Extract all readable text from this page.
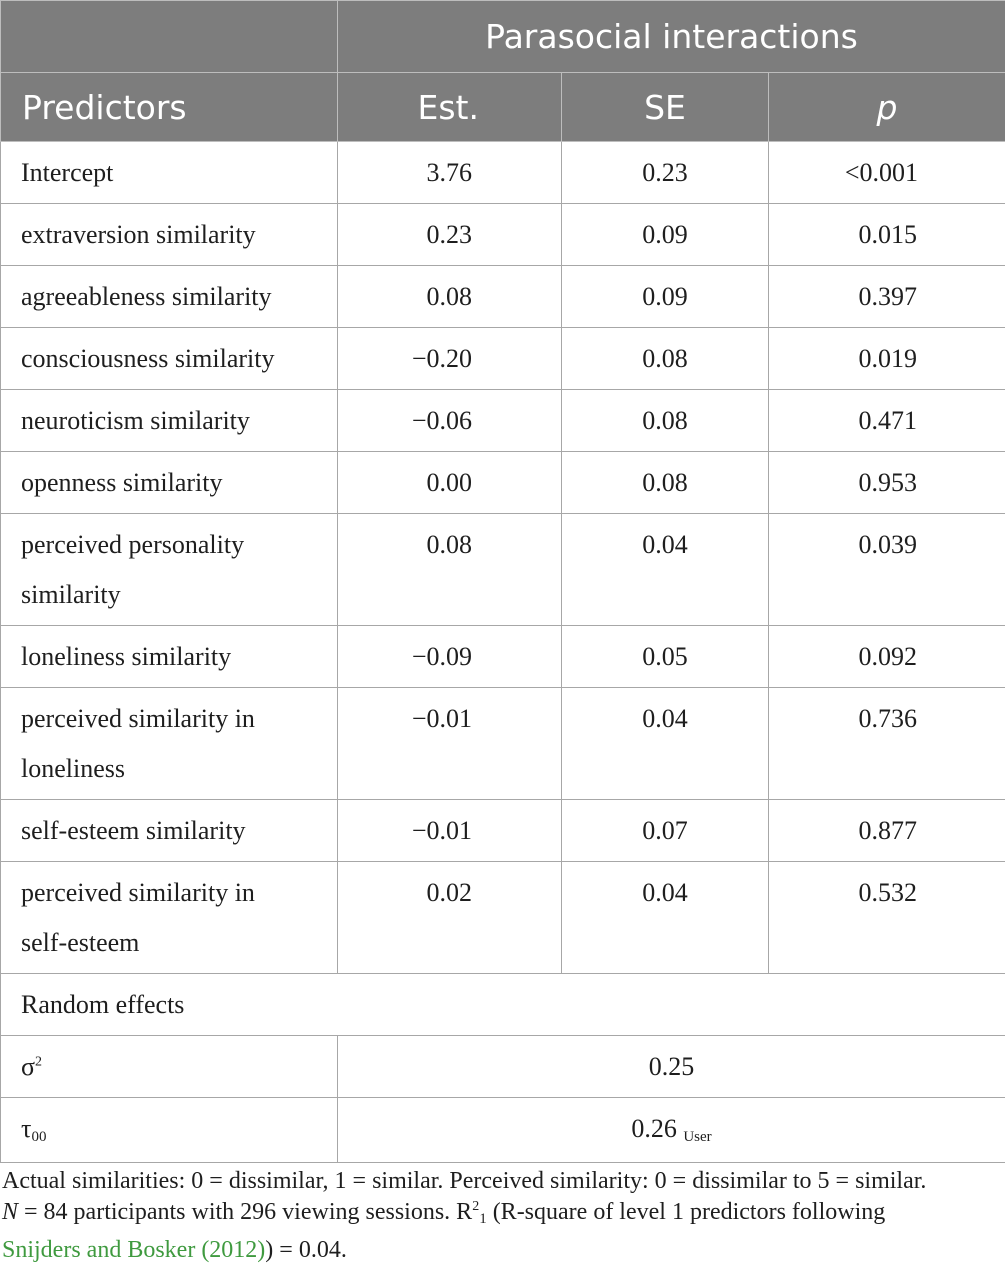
	Parasocial interactions		
Predictors	Est.	SE	p
Intercept	3.76	0.23	<0.001
extraversion similarity	0.23	0.09	0.015
agreeableness similarity	0.08	0.09	0.397
consciousness similarity	−0.20	0.08	0.019
neuroticism similarity	−0.06	0.08	0.471
openness similarity	0.00	0.08	0.953

perceived personality similarity	0.08	0.04	0.039
loneliness similarity	−0.09	0.05	0.092

perceived similarity in loneliness	−0.01	0.04	0.736
self-esteem similarity	−0.01	0.07	0.877

perceived similarity in self-esteem	0.02	0.04	0.532
Random effects			
$\sigma^2$	0.25		
$\tau_{00}$	0.26 $_{User}$
Actual similarities: 0 = dissimilar, 1 = similar. Perceived similarity: 0 = dissimilar to 5 = similar.
N = 84 participants with 296 viewing sessions. $R^2_1$ (R-square of level 1 predictors following
Snijders and Bosker (2012)) = 0.04.
